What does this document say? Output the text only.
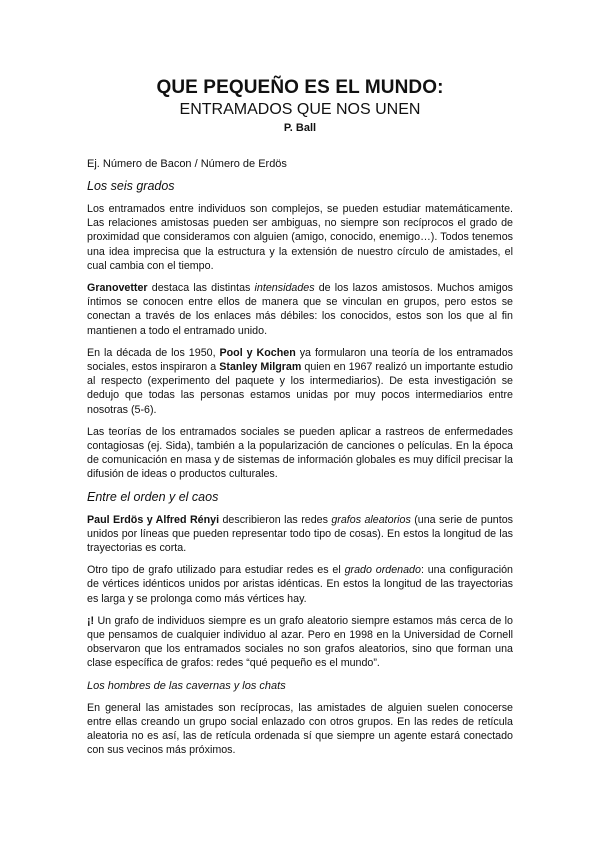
QUE PEQUEÑO ES EL MUNDO:
ENTRAMADOS QUE NOS UNEN
P. Ball
Ej. Número de Bacon / Número de Erdös
Los seis grados

Los entramados entre individuos son complejos, se pueden estudiar matemáticamente. Las relaciones amistosas pueden ser ambiguas, no siempre son recíprocos el grado de proximidad que consideramos con alguien (amigo, conocido, enemigo…). Todos tenemos una idea imprecisa que la estructura y la extensión de nuestro círculo de amistades, el cual cambia con el tiempo.

Granovetter destaca las distintas intensidades de los lazos amistosos. Muchos amigos íntimos se conocen entre ellos de manera que se vinculan en grupos, pero estos se conectan a través de los enlaces más débiles: los conocidos, estos son los que al fin mantienen a todo el entramado unido.

En la década de los 1950, Pool y Kochen ya formularon una teoría de los entramados sociales, estos inspiraron a Stanley Milgram quien en 1967 realizó un importante estudio al respecto (experimento del paquete y los intermediarios). De esta investigación se dedujo que todas las personas estamos unidas por muy pocos intermediarios entre nosotras (5-6).

Las teorías de los entramados sociales se pueden aplicar a rastreos de enfermedades contagiosas (ej. Sida), también a la popularización de canciones o películas. En la época de comunicación en masa y de sistemas de información globales es muy difícil precisar la difusión de ideas o productos culturales.

Entre el orden y el caos

Paul Erdös y Alfred Rényi describieron las redes grafos aleatorios (una serie de puntos unidos por líneas que pueden representar todo tipo de cosas). En estos la longitud de las trayectorias es corta.

Otro tipo de grafo utilizado para estudiar redes es el grado ordenado: una configuración de vértices idénticos unidos por aristas idénticas. En estos la longitud de las trayectorias es larga y se prolonga como más vértices hay.

¡! Un grafo de individuos siempre es un grafo aleatorio siempre estamos más cerca de lo que pensamos de cualquier individuo al azar. Pero en 1998 en la Universidad de Cornell observaron que los entramados sociales no son grafos aleatorios, sino que forman una clase específica de grafos: redes “qué pequeño es el mundo”.

Los hombres de las cavernas y los chats

En general las amistades son recíprocas, las amistades de alguien suelen conocerse entre ellas creando un grupo social enlazado con otros grupos. En las redes de retícula aleatoria no es así, las de retícula ordenada sí que siempre un agente estará conectado con sus vecinos más próximos.
